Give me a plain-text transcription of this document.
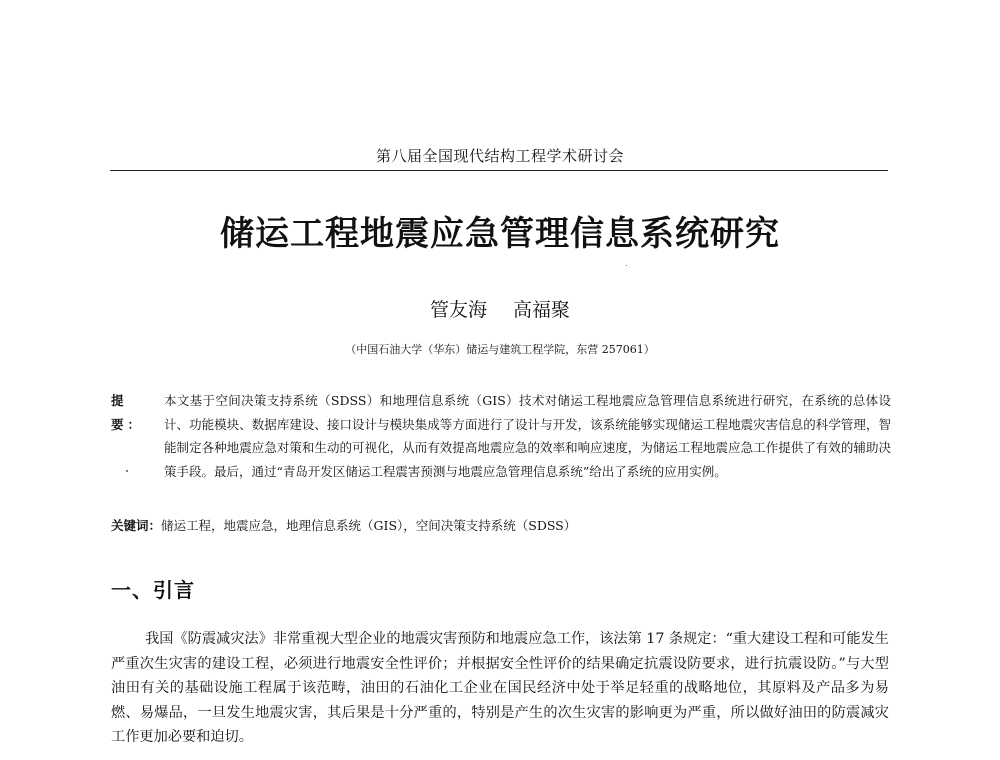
第八届全国现代结构工程学术研讨会
储运工程地震应急管理信息系统研究
管友海 高福聚
（中国石油大学（华东）储运与建筑工程学院，东营 257061）
提 要：
本文基于空间决策支持系统（SDSS）和地理信息系统（GIS）技术对储运工程地震应急管理信息系统进行研究，在系统的总体设计、功能模块、数据库建设、接口设计与模块集成等方面进行了设计与开发，该系统能够实现储运工程地震灾害信息的科学管理，智能制定各种地震应急对策和生动的可视化，从而有效提高地震应急的效率和响应速度，为储运工程地震应急工作提供了有效的辅助决策手段。最后，通过“青岛开发区储运工程震害预测与地震应急管理信息系统”给出了系统的应用实例。
关键词：储运工程，地震应急，地理信息系统（GIS），空间决策支持系统（SDSS）
一、引言
我国《防震减灾法》非常重视大型企业的地震灾害预防和地震应急工作，该法第 17 条规定：“重大建设工程和可能发生严重次生灾害的建设工程，必须进行地震安全性评价；并根据安全性评价的结果确定抗震设防要求，进行抗震设防。”与大型油田有关的基础设施工程属于该范畴，油田的石油化工企业在国民经济中处于举足轻重的战略地位，其原料及产品多为易燃、易爆品，一旦发生地震灾害，其后果是十分严重的，特别是产生的次生灾害的影响更为严重，所以做好油田的防震减灾工作更加必要和迫切。
